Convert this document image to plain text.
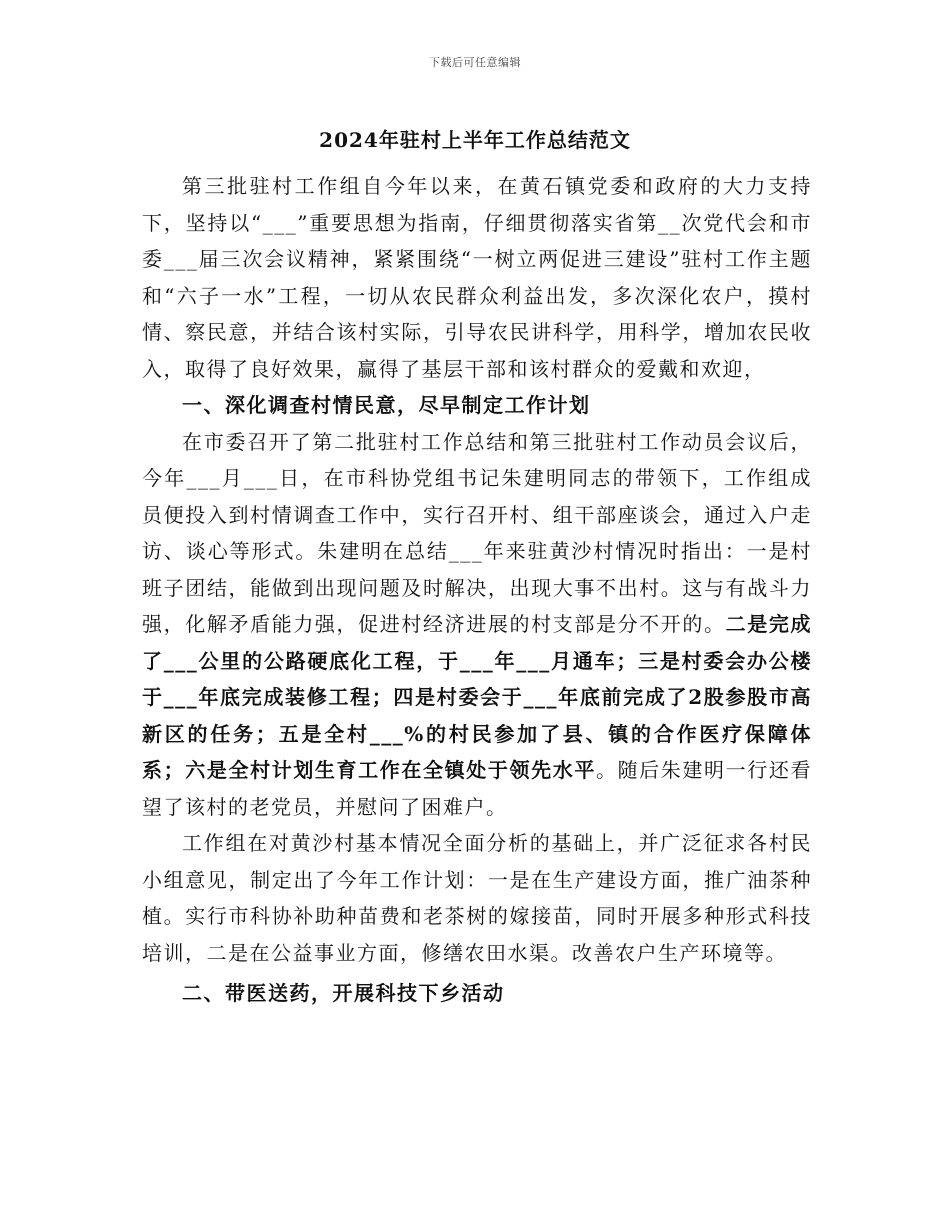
下载后可任意编辑
2024年驻村上半年工作总结范文

第三批驻村工作组自今年以来，在黄石镇党委和政府的大力支持下，坚持以“___”重要思想为指南，仔细贯彻落实省第__次党代会和市委___届三次会议精神，紧紧围绕“一树立两促进三建设”驻村工作主题和“六子一水”工程，一切从农民群众利益出发，多次深化农户，摸村情、察民意，并结合该村实际，引导农民讲科学，用科学，增加农民收入，取得了良好效果，赢得了基层干部和该村群众的爱戴和欢迎，

一、深化调查村情民意，尽早制定工作计划

在市委召开了第二批驻村工作总结和第三批驻村工作动员会议后，今年___月___日，在市科协党组书记朱建明同志的带领下，工作组成员便投入到村情调查工作中，实行召开村、组干部座谈会，通过入户走访、谈心等形式。朱建明在总结___年来驻黄沙村情况时指出：一是村班子团结，能做到出现问题及时解决，出现大事不出村。这与有战斗力强，化解矛盾能力强，促进村经济进展的村支部是分不开的。二是完成了___公里的公路硬底化工程，于___年___月通车；三是村委会办公楼于___年底完成装修工程；四是村委会于___年底前完成了2股参股市高新区的任务；五是全村___%的村民参加了县、镇的合作医疗保障体系；六是全村计划生育工作在全镇处于领先水平。随后朱建明一行还看望了该村的老党员，并慰问了困难户。

工作组在对黄沙村基本情况全面分析的基础上，并广泛征求各村民小组意见，制定出了今年工作计划：一是在生产建设方面，推广油茶种植。实行市科协补助种苗费和老茶树的嫁接苗，同时开展多种形式科技培训，二是在公益事业方面，修缮农田水渠。改善农户生产环境等。

二、带医送药，开展科技下乡活动
